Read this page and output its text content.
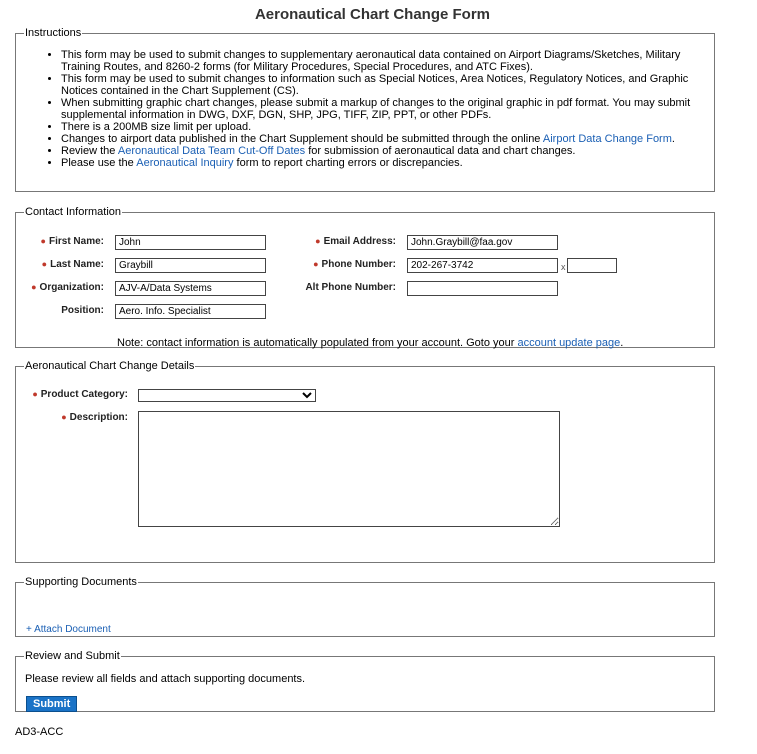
Aeronautical Chart Change Form
Instructions
• This form may be used to submit changes to supplementary aeronautical data contained on Airport Diagrams/Sketches, Military Training Routes, and 8260-2 forms (for Military Procedures, Special Procedures, and ATC Fixes).
• This form may be used to submit changes to information such as Special Notices, Area Notices, Regulatory Notices, and Graphic Notices contained in the Chart Supplement (CS).
• When submitting graphic chart changes, please submit a markup of changes to the original graphic in pdf format. You may submit supplemental information in DWG, DXF, DGN, SHP, JPG, TIFF, ZIP, PPT, or other PDFs.
• There is a 200MB size limit per upload.
• Changes to airport data published in the Chart Supplement should be submitted through the online Airport Data Change Form.
• Review the Aeronautical Data Team Cut-Off Dates for submission of aeronautical data and chart changes.
• Please use the Aeronautical Inquiry form to report charting errors or discrepancies.
Contact Information
● First Name:	John
● Last Name:	Graybill
● Organization:	AJV-A/Data Systems
Position:	Aero. Info. Specialist
● Email Address:	John.Graybill@faa.gov
● Phone Number:	202-267-3742	x
Alt Phone Number:
Note: contact information is automatically populated from your account. Goto your account update page.
Aeronautical Chart Change Details
● Product Category:
● Description:
Supporting Documents
+ Attach Document
Review and Submit
Please review all fields and attach supporting documents.
Submit
AD3-ACC
